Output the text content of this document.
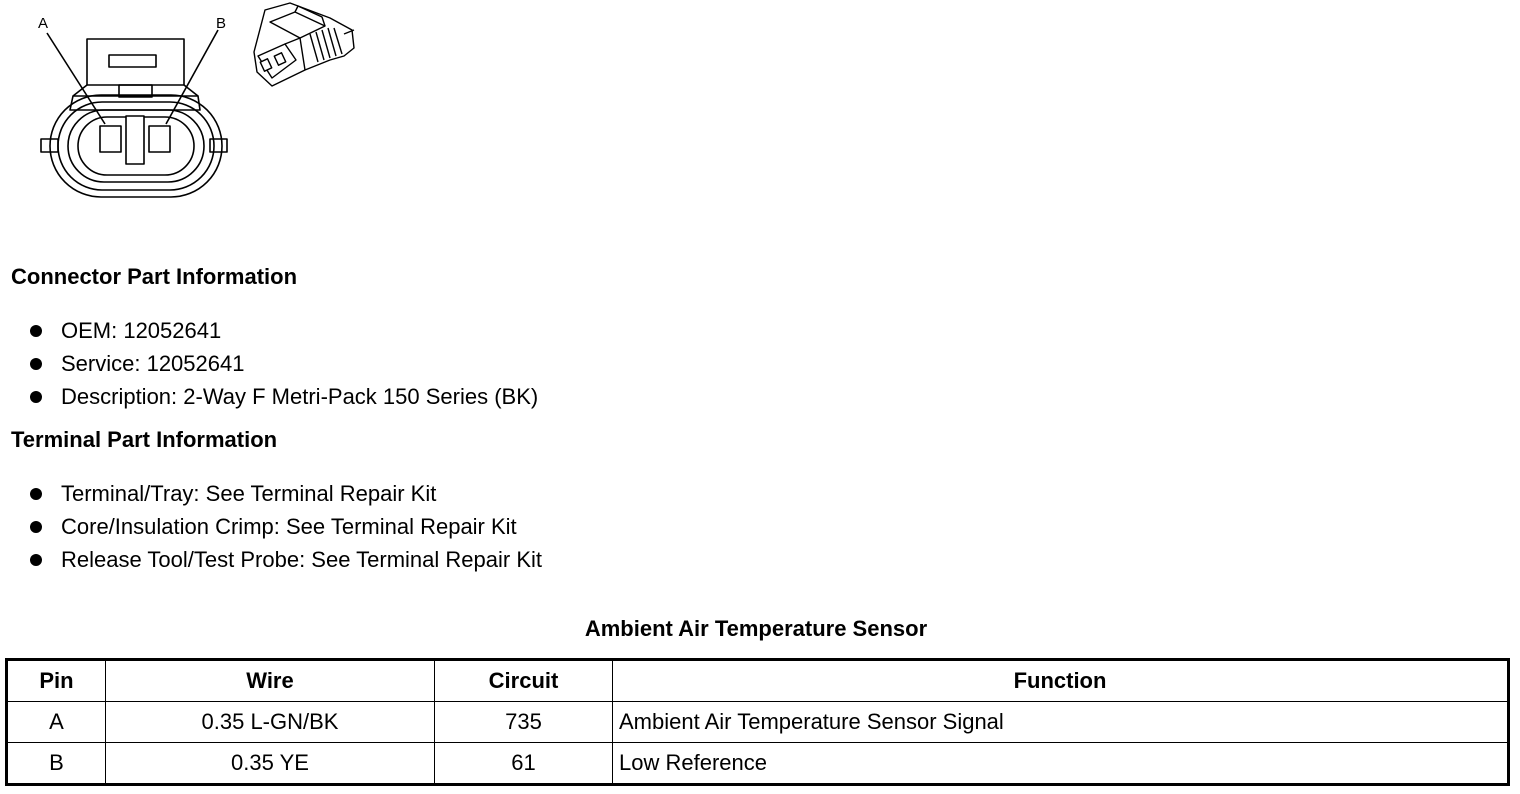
A	B
Connector Part Information
OEM: 12052641
Service: 12052641
Description: 2-Way F Metri-Pack 150 Series (BK)
Terminal Part Information
Terminal/Tray: See Terminal Repair Kit
Core/Insulation Crimp: See Terminal Repair Kit
Release Tool/Test Probe: See Terminal Repair Kit
Ambient Air Temperature Sensor
Pin	Wire	Circuit	Function
A	0.35 L-GN/BK	735	Ambient Air Temperature Sensor Signal
B	0.35 YE	61	Low Reference
